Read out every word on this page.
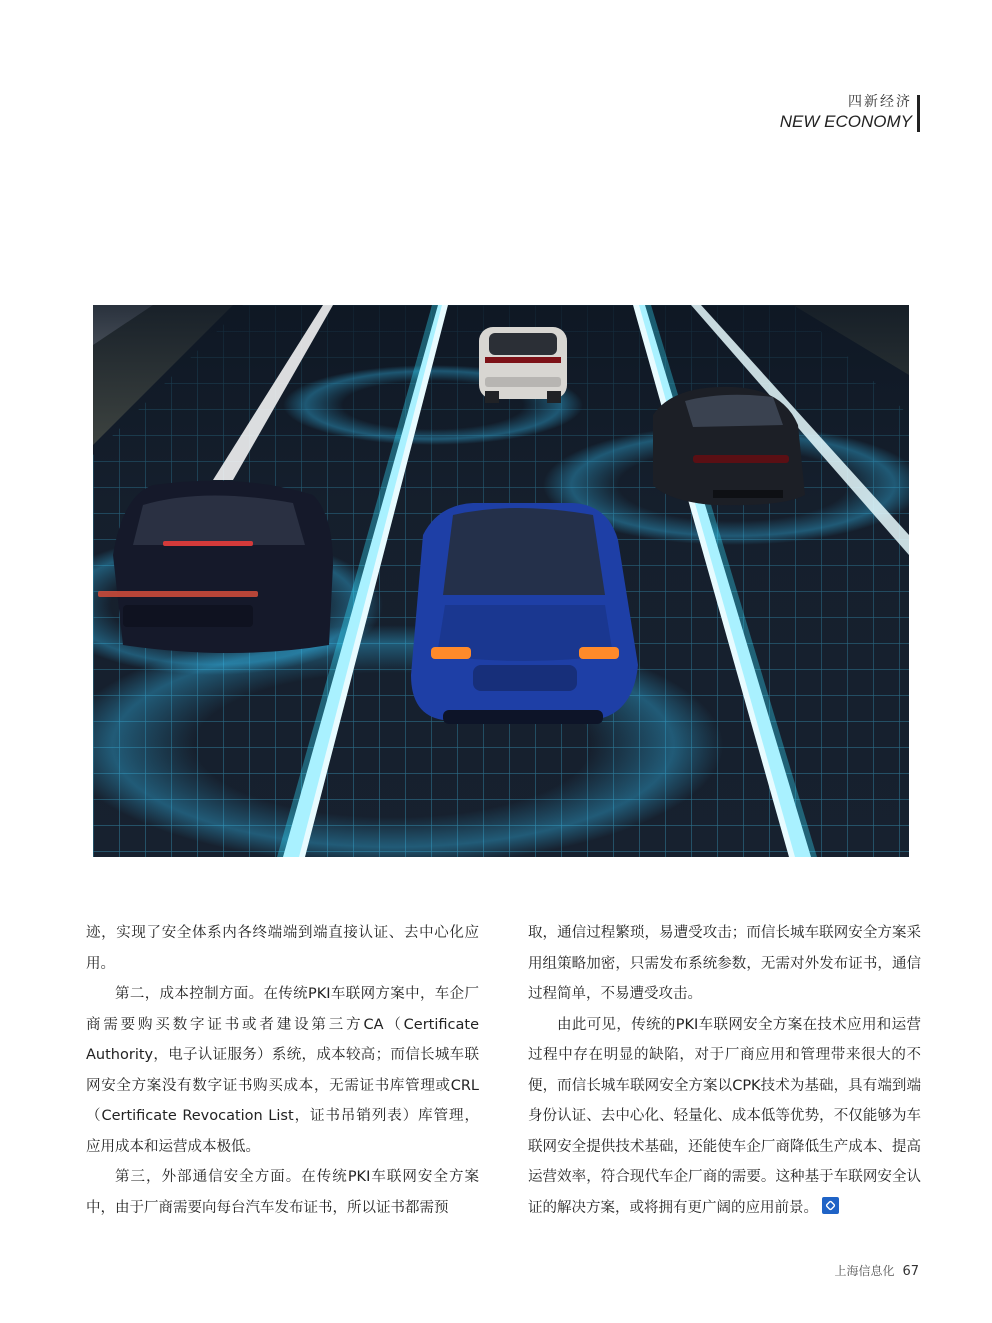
四新经济
NEW ECONOMY

迹，实现了安全体系内各终端端到端直接认证、去中心化应用。

第二，成本控制方面。在传统PKI车联网方案中，车企厂商需要购买数字证书或者建设第三方CA（Certificate Authority，电子认证服务）系统，成本较高；而信长城车联网安全方案没有数字证书购买成本，无需证书库管理或CRL（Certificate Revocation List，证书吊销列表）库管理，应用成本和运营成本极低。

第三，外部通信安全方面。在传统PKI车联网安全方案中，由于厂商需要向每台汽车发布证书，所以证书都需预

取，通信过程繁琐，易遭受攻击；而信长城车联网安全方案采用组策略加密，只需发布系统参数，无需对外发布证书，通信过程简单，不易遭受攻击。

由此可见，传统的PKI车联网安全方案在技术应用和运营过程中存在明显的缺陷，对于厂商应用和管理带来很大的不便，而信长城车联网安全方案以CPK技术为基础，具有端到端身份认证、去中心化、轻量化、成本低等优势，不仅能够为车联网安全提供技术基础，还能使车企厂商降低生产成本、提高运营效率，符合现代车企厂商的需要。这种基于车联网安全认证的解决方案，或将拥有更广阔的应用前景。

上海信息化 67
